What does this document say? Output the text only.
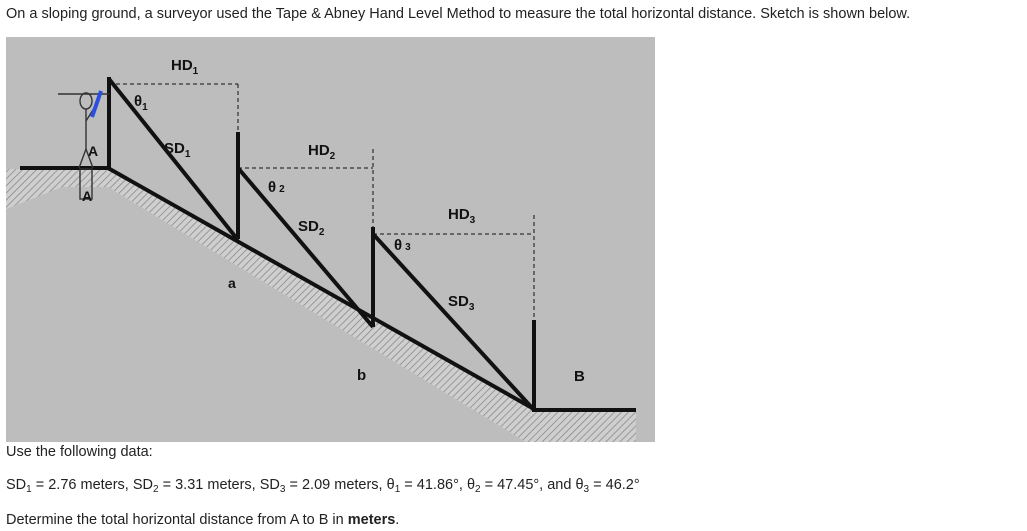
On a sloping ground, a surveyor used the Tape & Abney Hand Level Method to measure the total horizontal distance. Sketch is shown below.
$HD_1$
$HD_2$
$HD_3$
$SD_1$
$SD_2$
$SD_3$
$\theta_1$
θ 2
θ 3
A
A
B
a
b
Use the following data:
$SD_1 = 2.76$ meters, $SD_2 = 3.31$ meters, $SD_3 = 2.09$ meters, $\theta_1 = 41.86^\circ$, $\theta_2 = 47.45^\circ$, and $\theta_3 = 46.2^\circ$
Determine the total horizontal distance from A to B in meters.
